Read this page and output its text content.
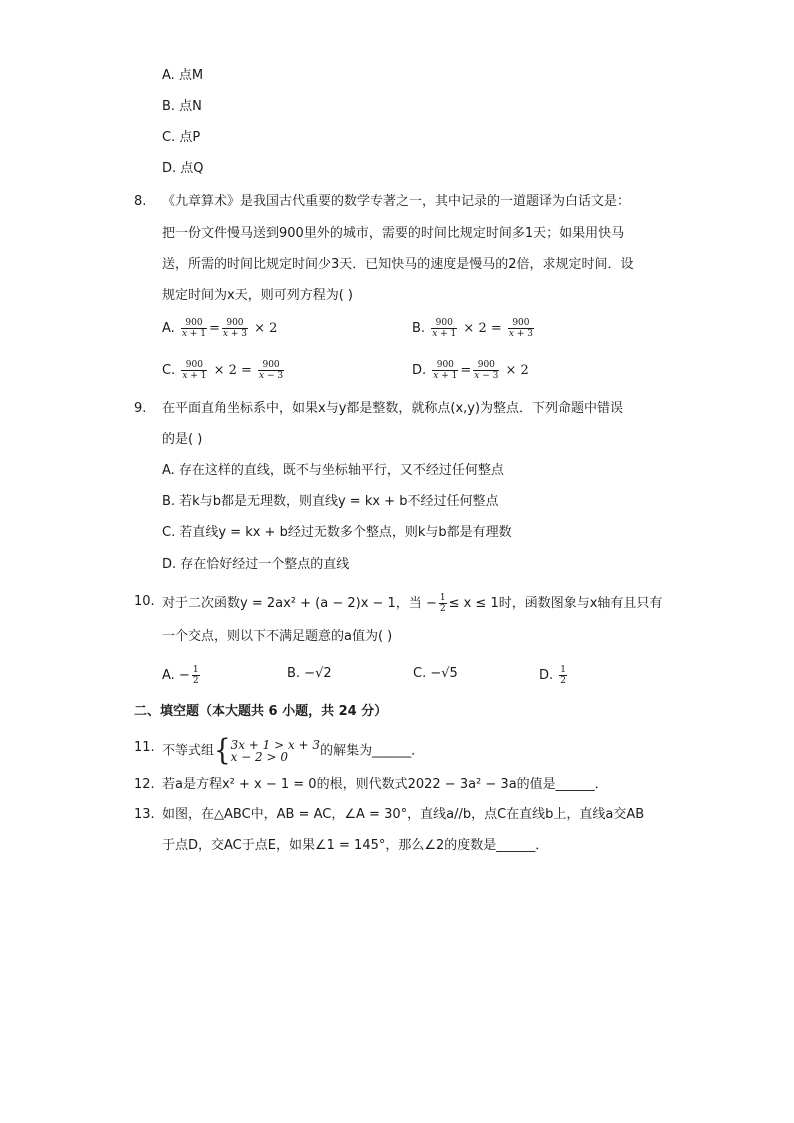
A. 点M
B. 点N
C. 点P
D. 点Q
8. 《九章算术》是我国古代重要的数学专著之一，其中记录的一道题译为白话文是：
把一份文件慢马送到900里外的城市，需要的时间比规定时间多1天；如果用快马
送，所需的时间比规定时间少3天．已知快马的速度是慢马的2倍，求规定时间．设
规定时间为x天，则可列方程为( )
A. $\frac{900}{x + 1} = \frac{900}{x + 3} \times 2$	B. $\frac{900}{x + 1} \times 2 = \frac{900}{x + 3}$
C. $\frac{900}{x + 1} \times 2 = \frac{900}{x - 3}$	D. $\frac{900}{x + 1} = \frac{900}{x - 3} \times 2$
9. 在平面直角坐标系中，如果x与y都是整数，就称点(x,y)为整点．下列命题中错误
的是( )
A. 存在这样的直线，既不与坐标轴平行，又不经过任何整点
B. 若k与b都是无理数，则直线y = kx + b不经过任何整点
C. 若直线y = kx + b经过无数多个整点，则k与b都是有理数
D. 存在恰好经过一个整点的直线
10. 对于二次函数y = 2ax² + (a − 2)x − 1，当 − $\frac{1}{2} \le x \le 1$时，函数图象与x轴有且只有
一个交点，则以下不满足题意的a值为( )
A. − $\frac{1}{2}$	B. −√2	C. −√5	D. $\frac{1}{2}$
二、填空题（本大题共 6 小题，共 24 分）
11. 不等式组{ 3x + 1 > x + 3
x − 2 > 0	的解集为______．
12. 若a是方程x² + x − 1 = 0的根，则代数式2022 − 3a² − 3a的值是______．
13. 如图，在△ABC中，AB = AC，∠A = 30°，直线a//b，点C在直线b上，直线a交AB
于点D，交AC于点E，如果∠1 = 145°，那么∠2的度数是______．
